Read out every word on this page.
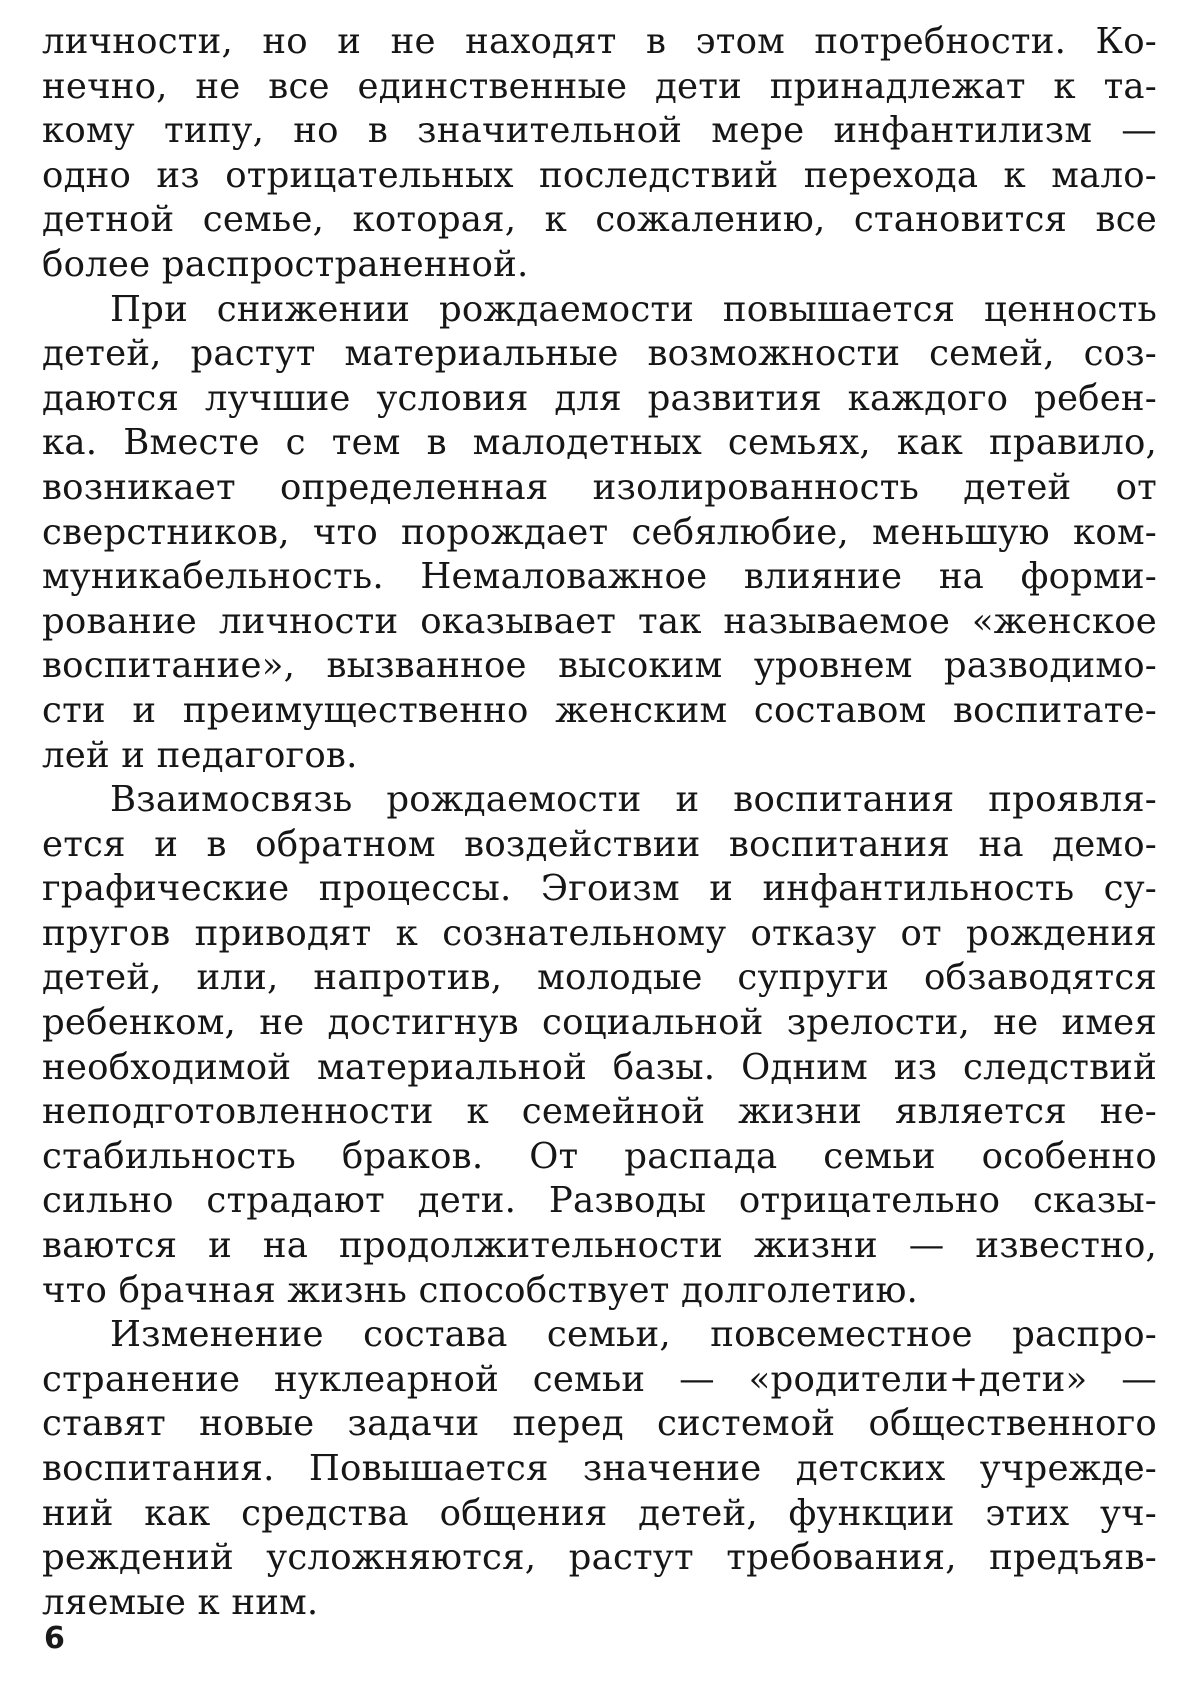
личности, но и не находят в этом потребности. Ко-
нечно, не все единственные дети принадлежат к та-
кому типу, но в значительной мере инфантилизм —
одно из отрицательных последствий перехода к мало-
детной семье, которая, к сожалению, становится все
более распространенной.
При снижении рождаемости повышается ценность
детей, растут материальные возможности семей, соз-
даются лучшие условия для развития каждого ребен-
ка. Вместе с тем в малодетных семьях, как правило,
возникает определенная изолированность детей от
сверстников, что порождает себялюбие, меньшую ком-
муникабельность. Немаловажное влияние на форми-
рование личности оказывает так называемое «женское
воспитание», вызванное высоким уровнем разводимо-
сти и преимущественно женским составом воспитате-
лей и педагогов.
Взаимосвязь рождаемости и воспитания проявля-
ется и в обратном воздействии воспитания на демо-
графические процессы. Эгоизм и инфантильность су-
пругов приводят к сознательному отказу от рождения
детей, или, напротив, молодые супруги обзаводятся
ребенком, не достигнув социальной зрелости, не имея
необходимой материальной базы. Одним из следствий
неподготовленности к семейной жизни является не-
стабильность браков. От распада семьи особенно
сильно страдают дети. Разводы отрицательно сказы-
ваются и на продолжительности жизни — известно,
что брачная жизнь способствует долголетию.
Изменение состава семьи, повсеместное распро-
странение нуклеарной семьи — «родители+дети» —
ставят новые задачи перед системой общественного
воспитания. Повышается значение детских учрежде-
ний как средства общения детей, функции этих уч-
реждений усложняются, растут требования, предъяв-
ляемые к ним.
6
